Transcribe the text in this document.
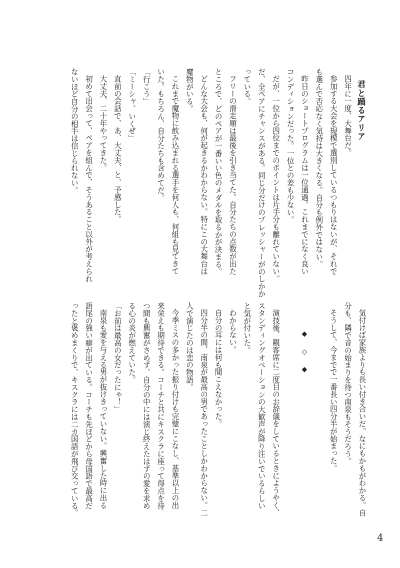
君と踊るアリア
四年に一度、大舞台だ。
参加する大会を規模で選別しているつもりはないが、それで
も選んで否応なく気持は大きくなる。自分も例外ではない。
昨日のショートプログラムは一位通過。これまでになく良い
コンディションだった。一位との差も少ない。
だが、一位から四位までのポイントは片手分も離れていない。
だ、全ペアにチャンスがある。同じ分だけのプレッシャーがのしかか
っている。
フリーの滑走順は最後を引き当てた。自分たちの点数が出た
ところで、どのペアが一番いい色のメダルを取るかが決まる。
どんな大会も、何が起きるかわからない。特にこの大舞台は
魔物がいる。
これまで魔物に飲み込まれる選手を何人も、何組も見てきて
いた。もちろん、自分たちも含めてだ。
「行こう」
「ミーシャ、いくぜ」
直前の会話で、あ、大丈夫、と、予感した。
大丈夫、二十年やってきた。
初めて出会って、ペアを組んで、そうあること以外が考えられ
ないほど自分の相手は信じられない。
気付けば家族よりも長い付き合いだ。なにもかもがわかる。自
分も、隣で音の始まりを待つ南泉もそうだろう。
そうして、今までで一番長い四分半が始まった。
◆　◇　◆
演技後、観客席に二度目のお辞儀をしているときにようやく、
スタンディングオベーションの大歓声が降り注いでいるらしい
と気が付いた。
わからない。
自分の耳には何も聞こえなかった。
四分半の間、南泉が最高の男であったことしかわからない。二
人で演じたのは恋の物語。
今季ミスの多かった振り付けも完璧にこなし、基準以上の出
来栄えも期待できる。コーチと共にキスクラに座って得点を待
つ間も興奮がさめず、自分の中には演じ終えたはずの愛を求め
る心の炎が燃えていた。
「お前は最高の女だったにゃ！」
南泉も愛を与える男が抜けきっていない。興奮した時に出る
語尾の強い癖が出ている。コーチも先ほどから母国語で最高だ
ったと褒めまくりで、キスクラには二カ国語が飛び交っている。
4
